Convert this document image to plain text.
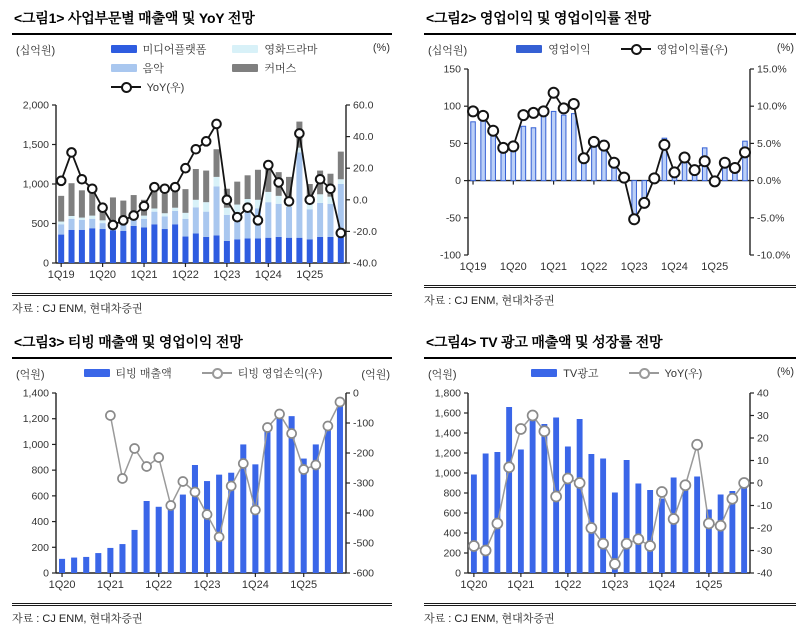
<그림1> 사업부문별 매출액 및 YoY 전망
(십억원)	미디어플랫폼
음악
YoY(우)
영화드라마
커머스
(%)
2,000
1,500
1,000
500
0
60.0
40.0
20.0
0.0
-20.0
-40.0
1Q19 1Q20 1Q21 1Q22 1Q23 1Q24 1Q25
자료 : CJ ENM, 현대차증권
<그림2> 영업이익 및 영업이익률 전망
(십억원)	영업이익	영업이익률(우)	(%)
150
100
50
0
-50
-100
15.0%
10.0%
5.0%
0.0%
-5.0%
-10.0%
1Q19 1Q20 1Q21 1Q22 1Q23 1Q24 1Q25
자료 : CJ ENM, 현대차증권
<그림3> 티빙 매출액 및 영업이익 전망
(억원)	티빙 매출액	티빙 영업손익(우)	(억원)
1,400
1,200
1,000
800
600
400
200
0
0
-100
-200
-300
-400
-500
-600
1Q20 1Q21 1Q22 1Q23 1Q24 1Q25
자료 : CJ ENM, 현대차증권
<그림4> TV 광고 매출액 및 성장률 전망
(억원)	TV광고	YoY(우)	(%)
1,800
1,600
1,400
1,200
1,000
800
600
400
200
0
40
30
20
10
0
-10
-20
-30
-40
1Q20 1Q21 1Q22 1Q23 1Q24 1Q25
자료 : CJ ENM, 현대차증권
